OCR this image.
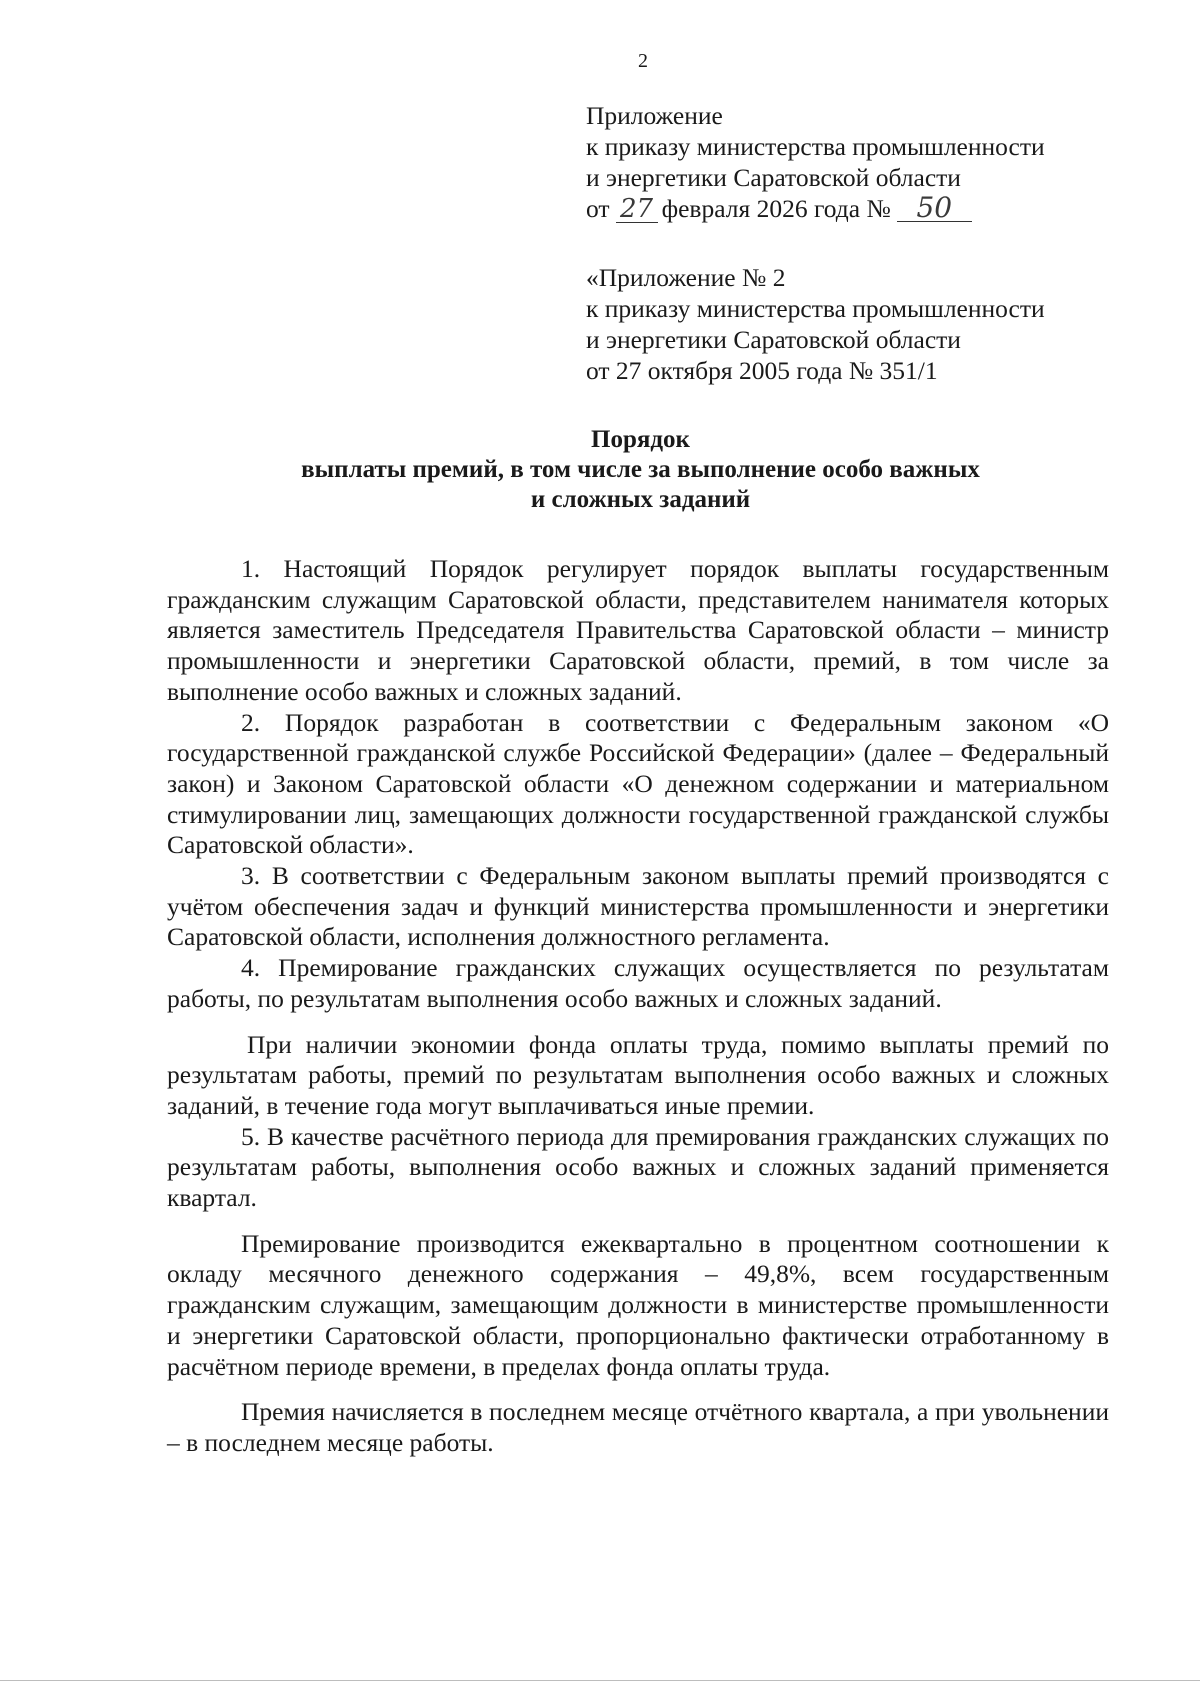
2
Приложение
к приказу министерства промышленности
и энергетики Саратовской области
от 27 февраля 2026 года № 50
«Приложение № 2
к приказу министерства промышленности
и энергетики Саратовской области
от 27 октября 2005 года № 351/1
Порядок
выплаты премий, в том числе за выполнение особо важных
и сложных заданий

1. Настоящий Порядок регулирует порядок выплаты государственным гражданским служащим Саратовской области, представителем нанимателя которых является заместитель Председателя Правительства Саратовской области – министр промышленности и энергетики Саратовской области, премий, в том числе за выполнение особо важных и сложных заданий.

2. Порядок разработан в соответствии с Федеральным законом «О государственной гражданской службе Российской Федерации» (далее – Федеральный закон) и Законом Саратовской области «О денежном содержании и материальном стимулировании лиц, замещающих должности государственной гражданской службы Саратовской области».

3. В соответствии с Федеральным законом выплаты премий производятся с учётом обеспечения задач и функций министерства промышленности и энергетики Саратовской области, исполнения должностного регламента.

4. Премирование гражданских служащих осуществляется по результатам работы, по результатам выполнения особо важных и сложных заданий.

При наличии экономии фонда оплаты труда, помимо выплаты премий по результатам работы, премий по результатам выполнения особо важных и сложных заданий, в течение года могут выплачиваться иные премии.

5. В качестве расчётного периода для премирования гражданских служащих по результатам работы, выполнения особо важных и сложных заданий применяется квартал.

Премирование производится ежеквартально в процентном соотношении к окладу месячного денежного содержания – 49,8%, всем государственным гражданским служащим, замещающим должности в министерстве промышленности и энергетики Саратовской области, пропорционально фактически отработанному в расчётном периоде времени, в пределах фонда оплаты труда.

Премия начисляется в последнем месяце отчётного квартала, а при увольнении – в последнем месяце работы.
